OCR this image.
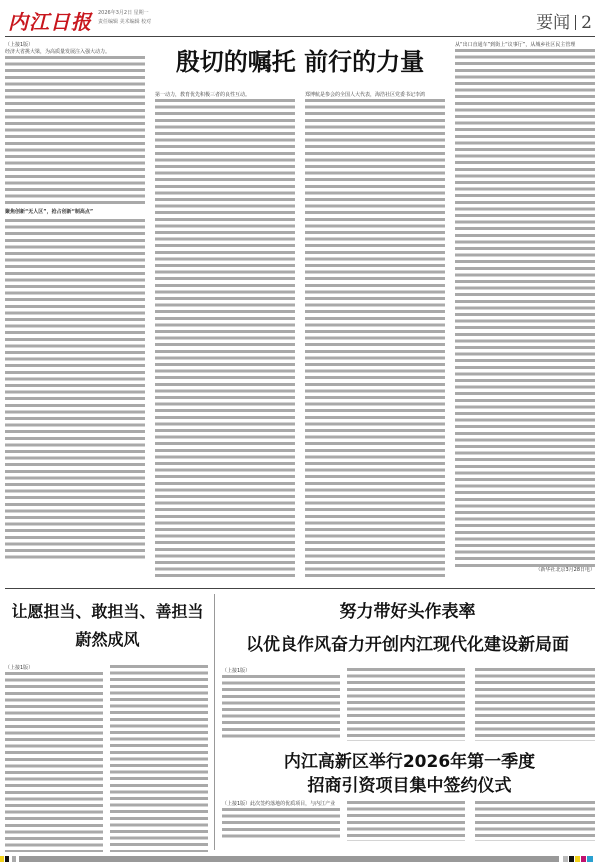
内江日报 2026年3月2日 星期一
责任编辑 美术编辑 校对	要闻 2
殷切的嘱托 前行的力量
（上接1版）
经济大省挑大梁，为高质量发展注入强大动力。
聚焦创新“无人区”，抢占创新“制高点”
第一动力，教育优先积极三者的良性互动。	郑博航是参会的全国人大代表，海浩社区党委书记李鸿
从“出口直通车”到街上“议事厅”，从城乡社区民主管理
（新华社北京3月28日电）
让愿担当、敢担当、善担当
蔚然成风
（上接1版）
努力带好头作表率
以优良作风奋力开创内江现代化建设新局面
（上接1版）
内江高新区举行2026年第一季度
招商引资项目集中签约仪式
（上接1版）此次签约落地的优质项目，与内江产业
